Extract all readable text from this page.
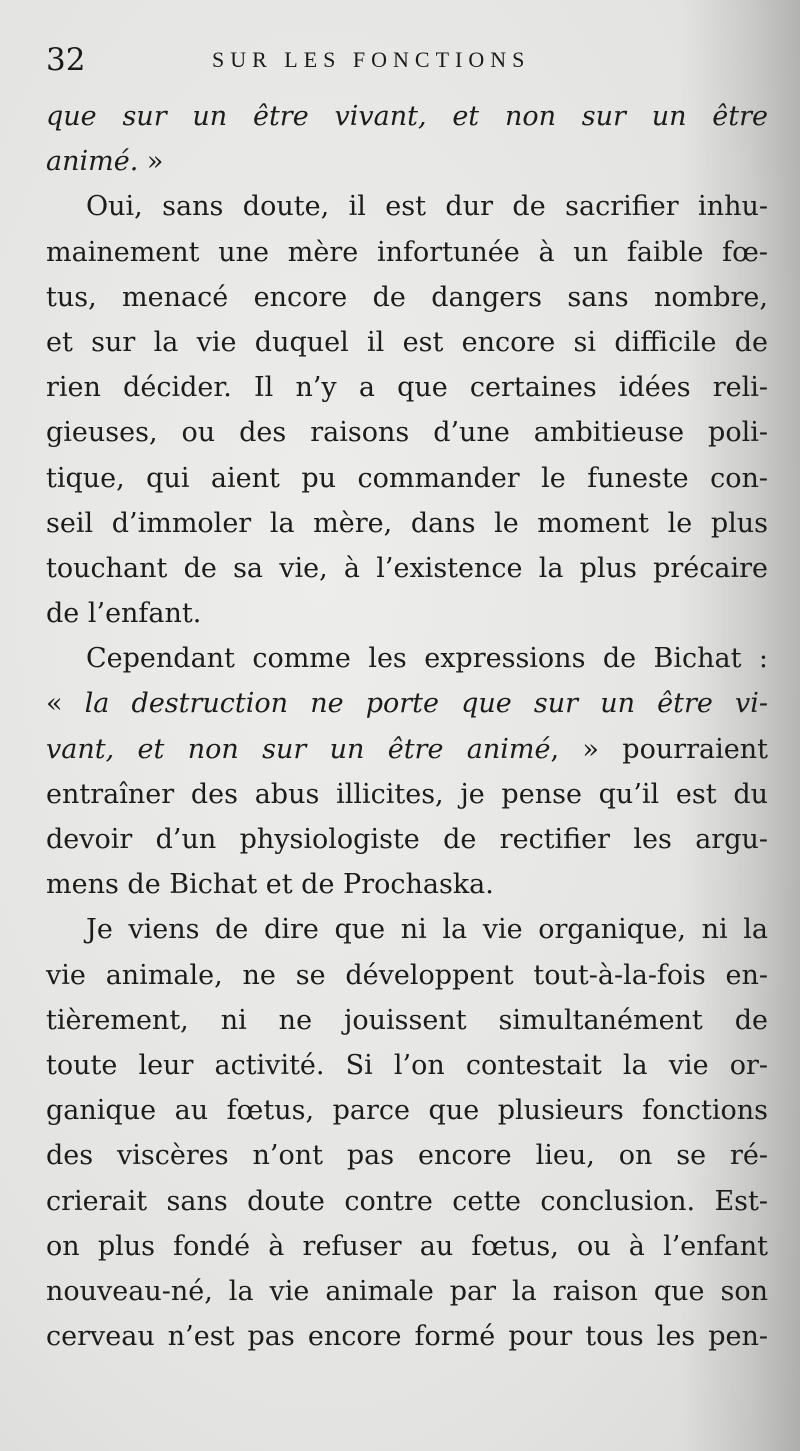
32	SUR LES FONCTIONS
que sur un être vivant, et non sur un être
animé. »
Oui, sans doute, il est dur de sacrifier inhu-
mainement une mère infortunée à un faible fœ-
tus, menacé encore de dangers sans nombre,
et sur la vie duquel il est encore si difficile de
rien décider. Il n’y a que certaines idées reli-
gieuses, ou des raisons d’une ambitieuse poli-
tique, qui aient pu commander le funeste con-
seil d’immoler la mère, dans le moment le plus
touchant de sa vie, à l’existence la plus précaire
de l’enfant.
Cependant comme les expressions de Bichat :
« la destruction ne porte que sur un être vi-
vant, et non sur un être animé, » pourraient
entraîner des abus illicites, je pense qu’il est du
devoir d’un physiologiste de rectifier les argu-
mens de Bichat et de Prochaska.
Je viens de dire que ni la vie organique, ni la
vie animale, ne se développent tout-à-la-fois en-
tièrement, ni ne jouissent simultanément de
toute leur activité. Si l’on contestait la vie or-
ganique au fœtus, parce que plusieurs fonctions
des viscères n’ont pas encore lieu, on se ré-
crierait sans doute contre cette conclusion. Est-
on plus fondé à refuser au fœtus, ou à l’enfant
nouveau-né, la vie animale par la raison que son
cerveau n’est pas encore formé pour tous les pen-
